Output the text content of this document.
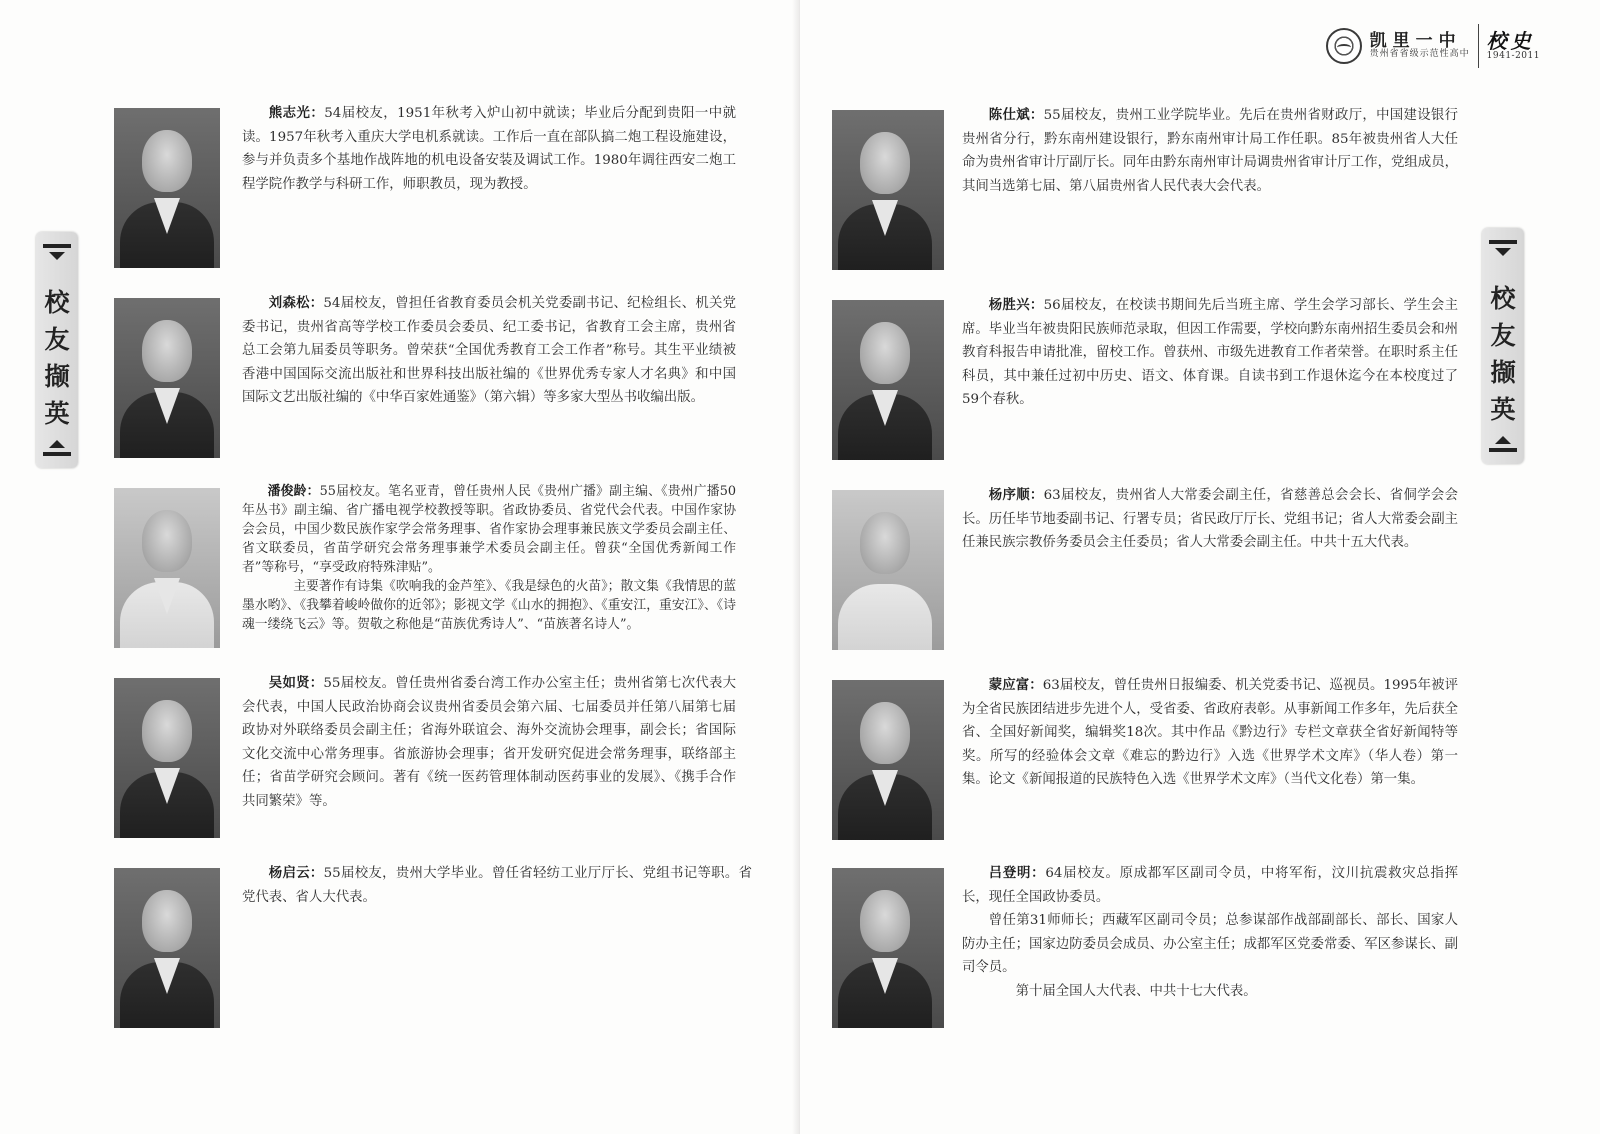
校
友
撷
英
熊志光：54届校友，1951年秋考入炉山初中就读；毕业后分配到贵阳一中就读。1957年秋考入重庆大学电机系就读。工作后一直在部队搞二炮工程设施建设，参与并负责多个基地作战阵地的机电设备安装及调试工作。1980年调往西安二炮工程学院作教学与科研工作，师职教员，现为教授。
刘森松：54届校友，曾担任省教育委员会机关党委副书记、纪检组长、机关党委书记，贵州省高等学校工作委员会委员、纪工委书记，省教育工会主席，贵州省总工会第九届委员等职务。曾荣获“全国优秀教育工会工作者”称号。其生平业绩被香港中国国际交流出版社和世界科技出版社编的《世界优秀专家人才名典》和中国国际文艺出版社编的《中华百家姓通鉴》（第六辑）等多家大型丛书收编出版。
潘俊龄：55届校友。笔名亚青，曾任贵州人民《贵州广播》副主编、《贵州广播50年丛书》副主编、省广播电视学校教授等职。省政协委员、省党代会代表。中国作家协会会员，中国少数民族作家学会常务理事、省作家协会理事兼民族文学委员会副主任、省文联委员，省苗学研究会常务理事兼学术委员会副主任。曾获“全国优秀新闻工作者”等称号，“享受政府特殊津贴”。
主要著作有诗集《吹响我的金芦笙》、《我是绿色的火苗》；散文集《我情思的蓝墨水哟》、《我攀着峻岭做你的近邻》；影视文学《山水的拥抱》、《重安江，重安江》、《诗魂一缕绕飞云》等。贺敬之称他是“苗族优秀诗人”、“苗族著名诗人”。
吴如贤：55届校友。曾任贵州省委台湾工作办公室主任；贵州省第七次代表大会代表，中国人民政治协商会议贵州省委员会第六届、七届委员并任第八届第七届政协对外联络委员会副主任；省海外联谊会、海外交流协会理事，副会长；省国际文化交流中心常务理事。省旅游协会理事；省开发研究促进会常务理事，联络部主任；省苗学研究会顾问。著有《统一医药管理体制动医药事业的发展》、《携手合作共同繁荣》等。
杨启云：55届校友，贵州大学毕业。曾任省轻纺工业厅厅长、党组书记等职。省党代表、省人大代表。
凯里一中
贵州省省级示范性高中
校史
1941-2011
校
友
撷
英
陈仕斌：55届校友，贵州工业学院毕业。先后在贵州省财政厅，中国建设银行贵州省分行，黔东南州建设银行，黔东南州审计局工作任职。85年被贵州省人大任命为贵州省审计厅副厅长。同年由黔东南州审计局调贵州省审计厅工作，党组成员，其间当选第七届、第八届贵州省人民代表大会代表。
杨胜兴：56届校友，在校读书期间先后当班主席、学生会学习部长、学生会主席。毕业当年被贵阳民族师范录取，但因工作需要，学校向黔东南州招生委员会和州教育科报告申请批准，留校工作。曾获州、市级先进教育工作者荣誉。在职时系主任科员，其中兼任过初中历史、语文、体育课。自读书到工作退休迄今在本校度过了59个春秋。
杨序顺：63届校友，贵州省人大常委会副主任，省慈善总会会长、省侗学会会长。历任毕节地委副书记、行署专员；省民政厅厅长、党组书记；省人大常委会副主任兼民族宗教侨务委员会主任委员；省人大常委会副主任。中共十五大代表。
蒙应富：63届校友，曾任贵州日报编委、机关党委书记、巡视员。1995年被评为全省民族团结进步先进个人，受省委、省政府表彰。从事新闻工作多年，先后获全省、全国好新闻奖，编辑奖18次。其中作品《黔边行》专栏文章获全省好新闻特等奖。所写的经验体会文章《难忘的黔边行》入选《世界学术文库》（华人卷）第一集。论文《新闻报道的民族特色入选《世界学术文库》（当代文化卷）第一集。
吕登明：64届校友。原成都军区副司令员，中将军衔，汶川抗震救灾总指挥长，现任全国政协委员。
曾任第31师师长；西藏军区副司令员；总参谋部作战部副部长、部长、国家人防办主任；国家边防委员会成员、办公室主任；成都军区党委常委、军区参谋长、副司令员。
第十届全国人大代表、中共十七大代表。
